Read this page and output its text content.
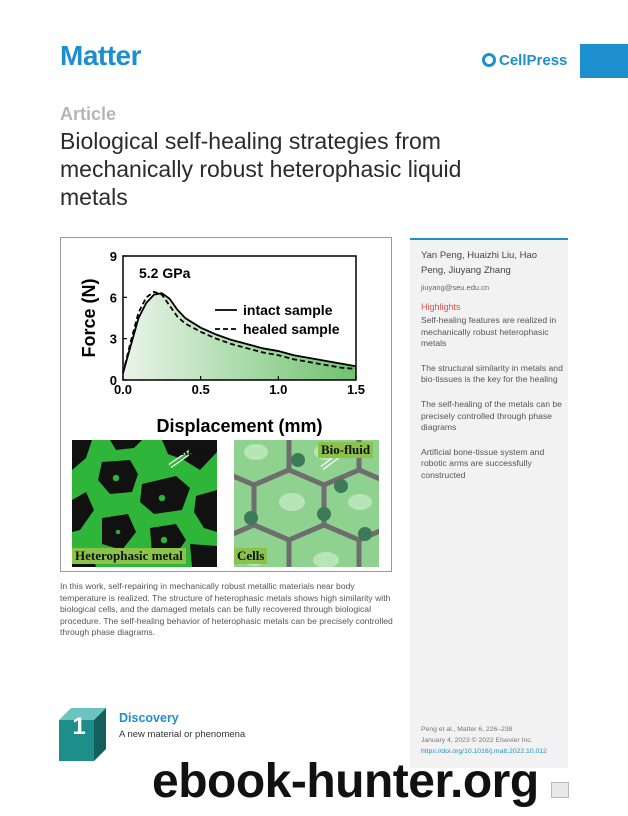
Matter	CellPress
Article
Biological self-healing strategies from mechanically robust heterophasic liquid metals
0.0	0.5	1.0	1.5
0
3
6
9
intact sample
healed sample
5.2 GPa
Displacement (mm)
Force (N)
Liquid
Heterophasic metal
Bio-fluid
Cells
In this work, self-repairing in mechanically robust metallic materials near body temperature is realized. The structure of heterophasic metals shows high similarity with biological cells, and the damaged metals can be fully recovered through biological procedure. The self-healing behavior of heterophasic metals can be precisely controlled through phase diagrams.
Yan Peng, Huaizhi Liu, Hao Peng, Jiuyang Zhang
jiuyang@seu.edu.cn
Highlights

Self-healing features are realized in mechanically robust heterophasic metals

The structural similarity in metals and bio-tissues is the key for the healing

The self-healing of the metals can be precisely controlled through phase diagrams

Artificial bone-tissue system and robotic arms are successfully constructed

Peng et al., Matter 6, 226–238
January 4, 2023 © 2022 Elsevier Inc.
https://doi.org/10.1016/j.matt.2022.10.012
1	Discovery
A new material or phenomena
ebook-hunter.org
